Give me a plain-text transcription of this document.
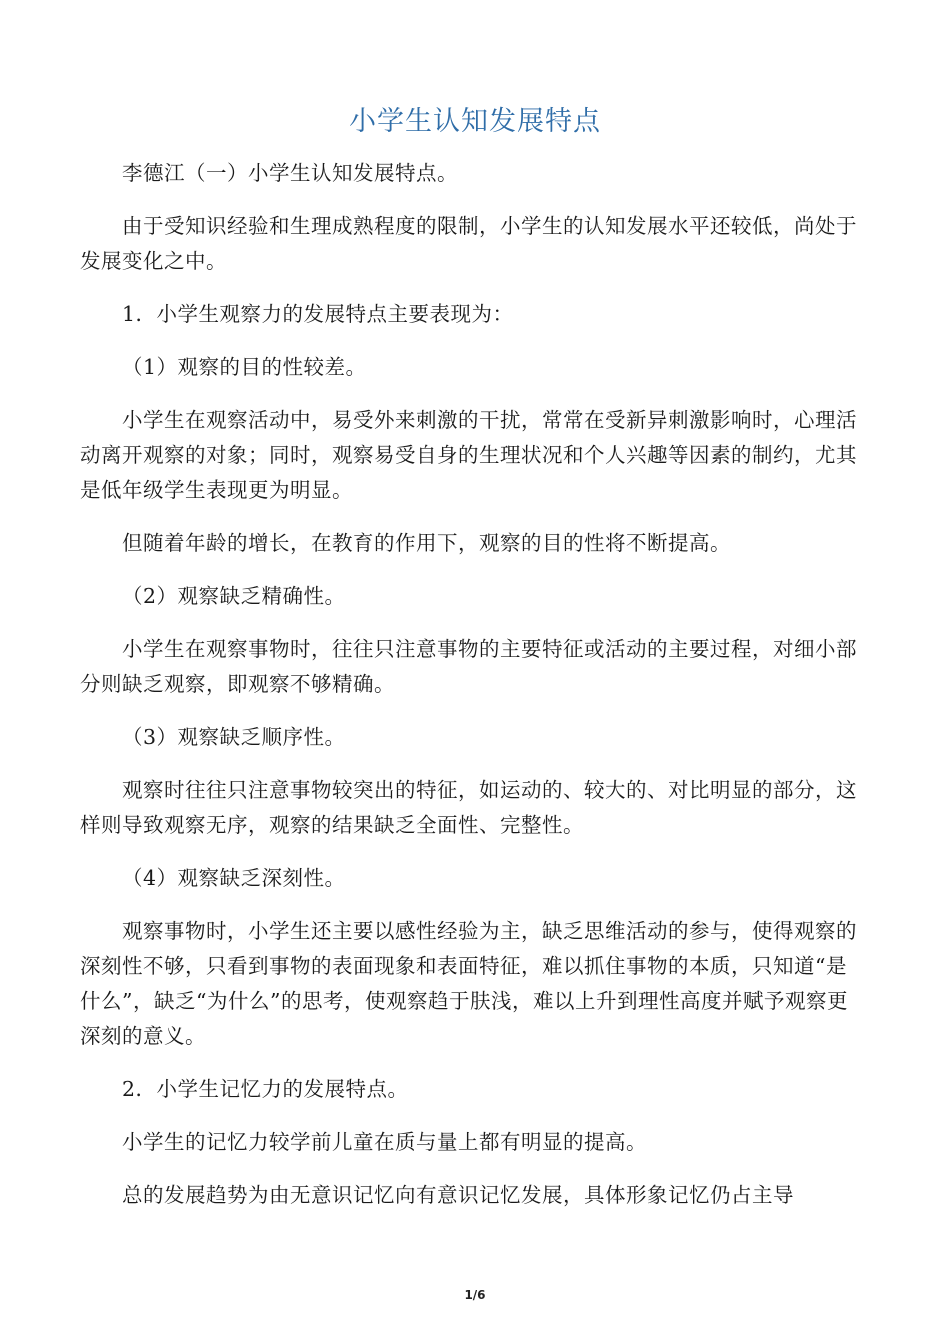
小学生认知发展特点

李德江（一）小学生认知发展特点。

由于受知识经验和生理成熟程度的限制，小学生的认知发展水平还较低，尚处于发展变化之中。

1．小学生观察力的发展特点主要表现为：

（1）观察的目的性较差。

小学生在观察活动中，易受外来刺激的干扰，常常在受新异刺激影响时，心理活动离开观察的对象；同时，观察易受自身的生理状况和个人兴趣等因素的制约，尤其是低年级学生表现更为明显。

但随着年龄的增长，在教育的作用下，观察的目的性将不断提高。

（2）观察缺乏精确性。

小学生在观察事物时，往往只注意事物的主要特征或活动的主要过程，对细小部分则缺乏观察，即观察不够精确。

（3）观察缺乏顺序性。

观察时往往只注意事物较突出的特征，如运动的、较大的、对比明显的部分，这样则导致观察无序，观察的结果缺乏全面性、完整性。

（4）观察缺乏深刻性。

观察事物时，小学生还主要以感性经验为主，缺乏思维活动的参与，使得观察的深刻性不够，只看到事物的表面现象和表面特征，难以抓住事物的本质，只知道“是什么”，缺乏“为什么”的思考，使观察趋于肤浅，难以上升到理性高度并赋予观察更深刻的意义。

2．小学生记忆力的发展特点。

小学生的记忆力较学前儿童在质与量上都有明显的提高。

总的发展趋势为由无意识记忆向有意识记忆发展，具体形象记忆仍占主导

1/6
